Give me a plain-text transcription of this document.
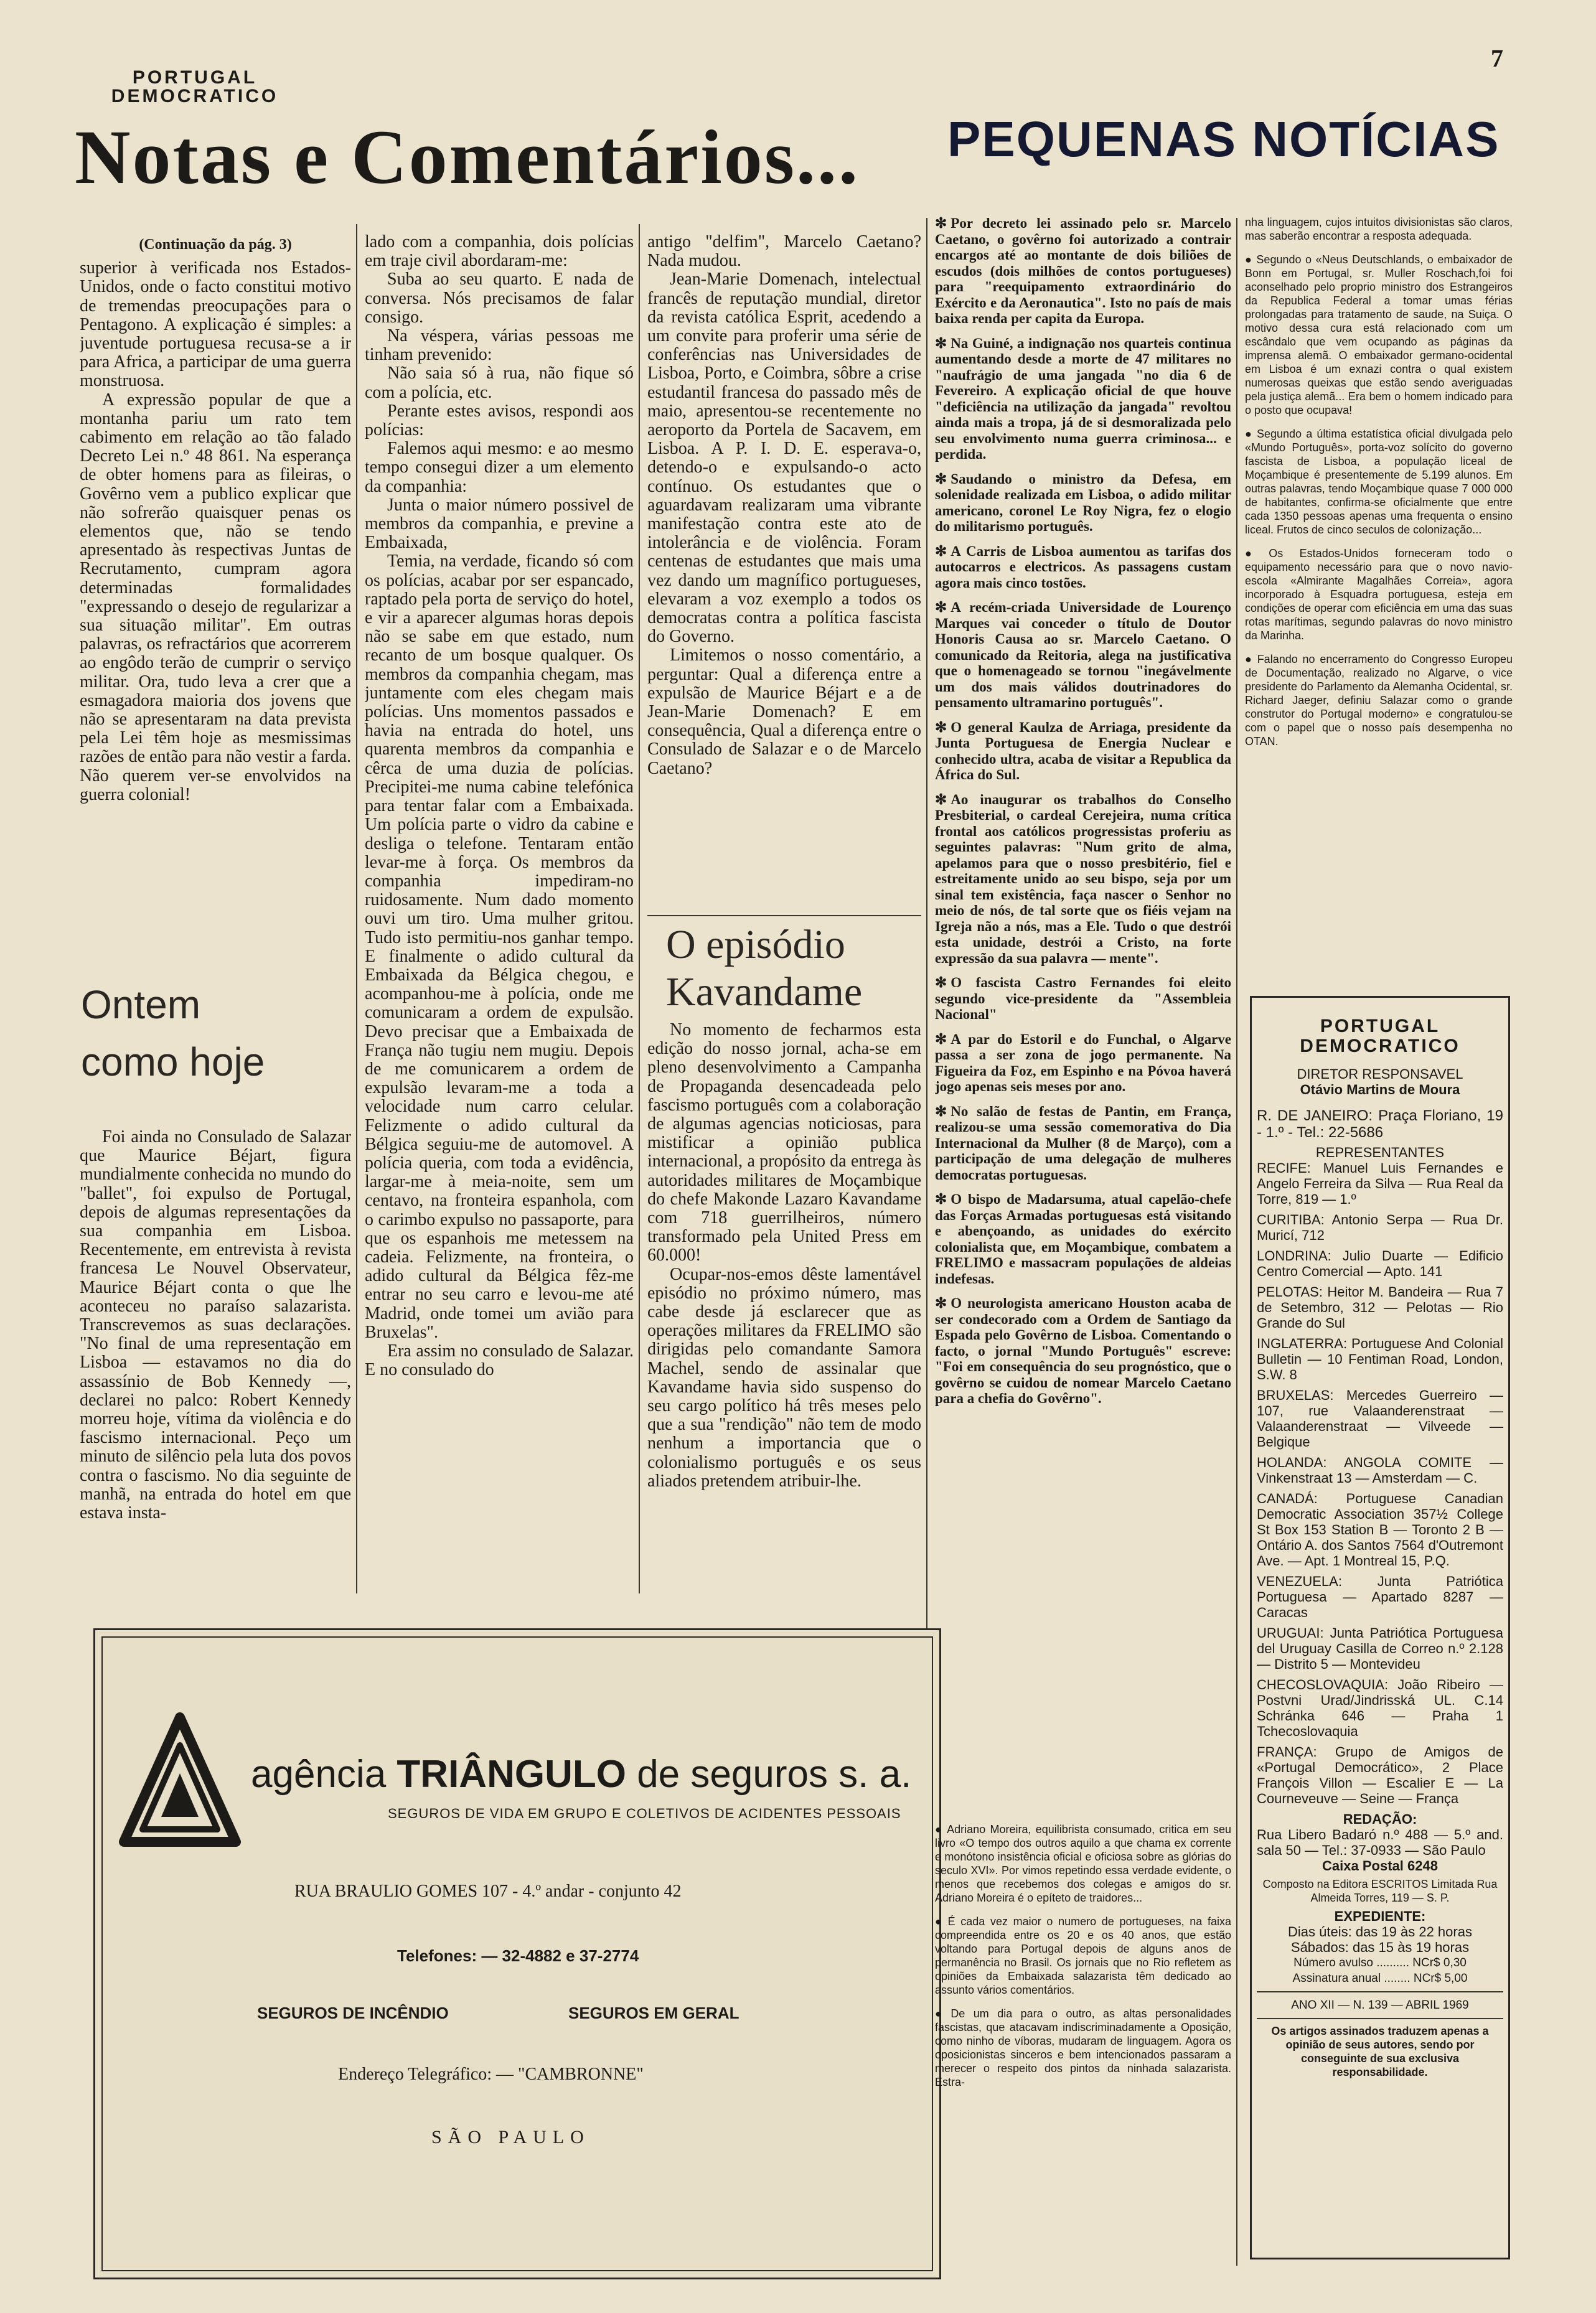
PORTUGAL
DEMOCRATICO
7
Notas e Comentários... PEQUENAS NOTÍCIAS

(Continuação da pág. 3)

superior à verificada nos Estados-Unidos, onde o facto constitui motivo de tremendas preocupações para o Pentagono. A explicação é simples: a juventude portuguesa recusa-se a ir para Africa, a participar de uma guerra monstruosa.

A expressão popular de que a montanha pariu um rato tem cabimento em relação ao tão falado Decreto Lei n.º 48 861. Na esperança de obter homens para as fileiras, o Govêrno vem a publico explicar que não sofrerão quaisquer penas os elementos que, não se tendo apresentado às respectivas Juntas de Recrutamento, cumpram agora determinadas formalidades "expressando o desejo de regularizar a sua situação militar". Em outras palavras, os refractários que acorrerem ao engôdo terão de cumprir o serviço militar. Ora, tudo leva a crer que a esmagadora maioria dos jovens que não se apresentaram na data prevista pela Lei têm hoje as mesmissimas razões de então para não vestir a farda. Não querem ver-se envolvidos na guerra colonial!

Ontem
como hoje

Foi ainda no Consulado de Salazar que Maurice Béjart, figura mundialmente conhecida no mundo do "ballet", foi expulso de Portugal, depois de algumas representações da sua companhia em Lisboa. Recentemente, em entrevista à revista francesa Le Nouvel Observateur, Maurice Béjart conta o que lhe aconteceu no paraíso salazarista. Transcrevemos as suas declarações. "No final de uma representação em Lisboa — estavamos no dia do assassínio de Bob Kennedy —, declarei no palco: Robert Kennedy morreu hoje, vítima da violência e do fascismo internacional. Peço um minuto de silêncio pela luta dos povos contra o fascismo. No dia seguinte de manhã, na entrada do hotel em que estava insta-

lado com a companhia, dois polícias em traje civil abordaram-me:

Suba ao seu quarto. E nada de conversa. Nós precisamos de falar consigo.

Na véspera, várias pessoas me tinham prevenido:

Não saia só à rua, não fique só com a polícia, etc.

Perante estes avisos, respondi aos polícias:

Falemos aqui mesmo: e ao mesmo tempo consegui dizer a um elemento da companhia:

Junta o maior número possivel de membros da companhia, e previne a Embaixada,

Temia, na verdade, ficando só com os polícias, acabar por ser espancado, raptado pela porta de serviço do hotel, e vir a aparecer algumas horas depois não se sabe em que estado, num recanto de um bosque qualquer. Os membros da companhia chegam, mas juntamente com eles chegam mais polícias. Uns momentos passados e havia na entrada do hotel, uns quarenta membros da companhia e cêrca de uma duzia de polícias. Precipitei-me numa cabine telefónica para tentar falar com a Embaixada. Um polícia parte o vidro da cabine e desliga o telefone. Tentaram então levar-me à força. Os membros da companhia impediram-no ruidosamente. Num dado momento ouvi um tiro. Uma mulher gritou. Tudo isto permitiu-nos ganhar tempo. E finalmente o adido cultural da Embaixada da Bélgica chegou, e acompanhou-me à polícia, onde me comunicaram a ordem de expulsão. Devo precisar que a Embaixada de França não tugiu nem mugiu. Depois de me comunicarem a ordem de expulsão levaram-me a toda a velocidade num carro celular. Felizmente o adido cultural da Bélgica seguiu-me de automovel. A polícia queria, com toda a evidência, largar-me à meia-noite, sem um centavo, na fronteira espanhola, com o carimbo expulso no passaporte, para que os espanhois me metessem na cadeia. Felizmente, na fronteira, o adido cultural da Bélgica fêz-me entrar no seu carro e levou-me até Madrid, onde tomei um avião para Bruxelas".

Era assim no consulado de Salazar. E no consulado do

antigo "delfim", Marcelo Caetano? Nada mudou.

Jean-Marie Domenach, intelectual francês de reputação mundial, diretor da revista católica Esprit, acedendo a um convite para proferir uma série de conferências nas Universidades de Lisboa, Porto, e Coimbra, sôbre a crise estudantil francesa do passado mês de maio, apresentou-se recentemente no aeroporto da Portela de Sacavem, em Lisboa. A P. I. D. E. esperava-o, detendo-o e expulsando-o acto contínuo. Os estudantes que o aguardavam realizaram uma vibrante manifestação contra este ato de intolerância e de violência. Foram centenas de estudantes que mais uma vez dando um magnífico portugueses, elevaram a voz exemplo a todos os democratas contra a política fascista do Governo.

Limitemos o nosso comentário, a perguntar: Qual a diferença entre a expulsão de Maurice Béjart e a de Jean-Marie Domenach? E em consequência, Qual a diferença entre o Consulado de Salazar e o de Marcelo Caetano?

O episódio
Kavandame

No momento de fecharmos esta edição do nosso jornal, acha-se em pleno desenvolvimento a Campanha de Propaganda desencadeada pelo fascismo português com a colaboração de algumas agencias noticiosas, para mistificar a opinião publica internacional, a propósito da entrega às autoridades militares de Moçambique do chefe Makonde Lazaro Kavandame com 718 guerrilheiros, número transformado pela United Press em 60.000!

Ocupar-nos-emos dêste lamentável episódio no próximo número, mas cabe desde já esclarecer que as operações militares da FRELIMO são dirigidas pelo comandante Samora Machel, sendo de assinalar que Kavandame havia sido suspenso do seu cargo político há três meses pelo que a sua "rendição" não tem de modo nenhum a importancia que o colonialismo português e os seus aliados pretendem atribuir-lhe.

agência TRIÂNGULO de seguros s. a.
SEGUROS DE VIDA EM GRUPO E COLETIVOS DE ACIDENTES PESSOAIS
RUA BRAULIO GOMES 107 - 4.º andar - conjunto 42
Telefones: — 32-4882 e 37-2774
SEGUROS DE INCÊNDIO	SEGUROS EM GERAL
Endereço Telegráfico: — "CAMBRONNE"
SÃO PAULO

✻ Por decreto lei assinado pelo sr. Marcelo Caetano, o govêrno foi autorizado a contrair encargos até ao montante de dois biliões de escudos (dois milhões de contos portugueses) para "reequipamento extraordinário do Exército e da Aeronautica". Isto no país de mais baixa renda per capita da Europa.

✻ Na Guiné, a indignação nos quarteis continua aumentando desde a morte de 47 militares no "naufrágio de uma jangada "no dia 6 de Fevereiro. A explicação oficial de que houve "deficiência na utilização da jangada" revoltou ainda mais a tropa, já de si desmoralizada pelo seu envolvimento numa guerra criminosa... e perdida.

✻ Saudando o ministro da Defesa, em solenidade realizada em Lisboa, o adido militar americano, coronel Le Roy Nigra, fez o elogio do militarismo português.

✻ A Carris de Lisboa aumentou as tarifas dos autocarros e electricos. As passagens custam agora mais cinco tostões.

✻ A recém-criada Universidade de Lourenço Marques vai conceder o título de Doutor Honoris Causa ao sr. Marcelo Caetano. O comunicado da Reitoria, alega na justificativa que o homenageado se tornou "inegávelmente um dos mais válidos doutrinadores do pensamento ultramarino português".

✻ O general Kaulza de Arriaga, presidente da Junta Portuguesa de Energia Nuclear e conhecido ultra, acaba de visitar a Republica da África do Sul.

✻ Ao inaugurar os trabalhos do Conselho Presbiterial, o cardeal Cerejeira, numa crítica frontal aos católicos progressistas proferiu as seguintes palavras: "Num grito de alma, apelamos para que o nosso presbitério, fiel e estreitamente unido ao seu bispo, seja por um sinal tem existência, faça nascer o Senhor no meio de nós, de tal sorte que os fiéis vejam na Igreja não a nós, mas a Ele. Tudo o que destrói esta unidade, destrói a Cristo, na forte expressão da sua palavra — mente".

✻ O fascista Castro Fernandes foi eleito segundo vice-presidente da "Assembleia Nacional"

✻ A par do Estoril e do Funchal, o Algarve passa a ser zona de jogo permanente. Na Figueira da Foz, em Espinho e na Póvoa haverá jogo apenas seis meses por ano.

✻ No salão de festas de Pantin, em França, realizou-se uma sessão comemorativa do Dia Internacional da Mulher (8 de Março), com a participação de uma delegação de mulheres democratas portuguesas.

✻ O bispo de Madarsuma, atual capelão-chefe das Forças Armadas portuguesas está visitando e abençoando, as unidades do exército colonialista que, em Moçambique, combatem a FRELIMO e massacram populações de aldeias indefesas.

✻ O neurologista americano Houston acaba de ser condecorado com a Ordem de Santiago da Espada pelo Govêrno de Lisboa. Comentando o facto, o jornal "Mundo Português" escreve: "Foi em consequência do seu prognóstico, que o govêrno se cuidou de nomear Marcelo Caetano para a chefia do Govêrno".

● Adriano Moreira, equilibrista consumado, critica em seu livro «O tempo dos outros aquilo a que chama ex corrente e monótono insistência oficial e oficiosa sobre as glórias do seculo XVI». Por vimos repetindo essa verdade evidente, o menos que recebemos dos colegas e amigos do sr. Adriano Moreira é o epíteto de traidores...

● É cada vez maior o numero de portugueses, na faixa compreendida entre os 20 e os 40 anos, que estão voltando para Portugal depois de alguns anos de permanência no Brasil. Os jornais que no Rio refletem as opiniões da Embaixada salazarista têm dedicado ao assunto vários comentários.

● De um dia para o outro, as altas personalidades fascistas, que atacavam indiscriminadamente a Oposição, como ninho de víboras, mudaram de linguagem. Agora os oposicionistas sinceros e bem intencionados passaram a merecer o respeito dos pintos da ninhada salazarista. Estra-

nha linguagem, cujos intuitos divisionistas são claros, mas saberão encontrar a resposta adequada.

● Segundo o «Neus Deutschlands, o embaixador de Bonn em Portugal, sr. Muller Roschach,foi foi aconselhado pelo proprio ministro dos Estrangeiros da Republica Federal a tomar umas férias prolongadas para tratamento de saude, na Suiça. O motivo dessa cura está relacionado com um escândalo que vem ocupando as páginas da imprensa alemã. O embaixador germano-ocidental em Lisboa é um exnazi contra o qual existem numerosas queixas que estão sendo averiguadas pela justiça alemã... Era bem o homem indicado para o posto que ocupava!

● Segundo a última estatística oficial divulgada pelo «Mundo Português», porta-voz solícito do governo fascista de Lisboa, a população liceal de Moçambique é presentemente de 5.199 alunos. Em outras palavras, tendo Moçambique quase 7 000 000 de habitantes, confirma-se oficialmente que entre cada 1350 pessoas apenas uma frequenta o ensino liceal. Frutos de cinco seculos de colonização...

● Os Estados-Unidos forneceram todo o equipamento necessário para que o novo navio-escola «Almirante Magalhães Correia», agora incorporado à Esquadra portuguesa, esteja em condições de operar com eficiência em uma das suas rotas marítimas, segundo palavras do novo ministro da Marinha.

● Falando no encerramento do Congresso Europeu de Documentação, realizado no Algarve, o vice presidente do Parlamento da Alemanha Ocidental, sr. Richard Jaeger, definiu Salazar como o grande construtor do Portugal moderno» e congratulou-se com o papel que o nosso país desempenha no OTAN.

PORTUGAL
DEMOCRATICO
DIRETOR RESPONSAVEL
Otávio Martins de Moura
R. DE JANEIRO: Praça Floriano, 19 - 1.º - Tel.: 22-5686
REPRESENTANTES

RECIFE: Manuel Luis Fernandes e Angelo Ferreira da Silva — Rua Real da Torre, 819 — 1.º

CURITIBA: Antonio Serpa — Rua Dr. Muricí, 712

LONDRINA: Julio Duarte — Edificio Centro Comercial — Apto. 141

PELOTAS: Heitor M. Bandeira — Rua 7 de Setembro, 312 — Pelotas — Rio Grande do Sul

INGLATERRA: Portuguese And Colonial Bulletin — 10 Fentiman Road, London, S.W. 8

BRUXELAS: Mercedes Guerreiro — 107, rue Valaanderenstraat — Valaanderenstraat — Vilveede — Belgique

HOLANDA: ANGOLA COMITE — Vinkenstraat 13 — Amsterdam — C.

CANADÁ: Portuguese Canadian Democratic Association 357½ College St Box 153 Station B — Toronto 2 B — Ontário A. dos Santos 7564 d'Outremont Ave. — Apt. 1 Montreal 15, P.Q.

VENEZUELA: Junta Patriótica Portuguesa — Apartado 8287 — Caracas

URUGUAI: Junta Patriótica Portuguesa del Uruguay Casilla de Correo n.º 2.128 — Distrito 5 — Montevideu

CHECOSLOVAQUIA: João Ribeiro — Postvni Urad/Jindrisská UL. C.14 Schránka 646 — Praha 1 Tchecoslovaquia

FRANÇA: Grupo de Amigos de «Portugal Democrático», 2 Place François Villon — Escalier E — La Courneveuve — Seine — França

REDAÇÃO:
Rua Libero Badaró n.º 488 — 5.º and. sala 50 — Tel.: 37-0933 — São Paulo
Caixa Postal 6248
Composto na Editora ESCRITOS Limitada Rua Almeida Torres, 119 — S. P.
EXPEDIENTE:
Dias úteis: das 19 às 22 horas
Sábados: das 15 às 19 horas
Número avulso .......... NCr$ 0,30
Assinatura anual ........ NCr$ 5,00
ANO XII — N. 139 — ABRIL 1969
Os artigos assinados traduzem apenas a opinião de seus autores, sendo por conseguinte de sua exclusiva responsabilidade.
